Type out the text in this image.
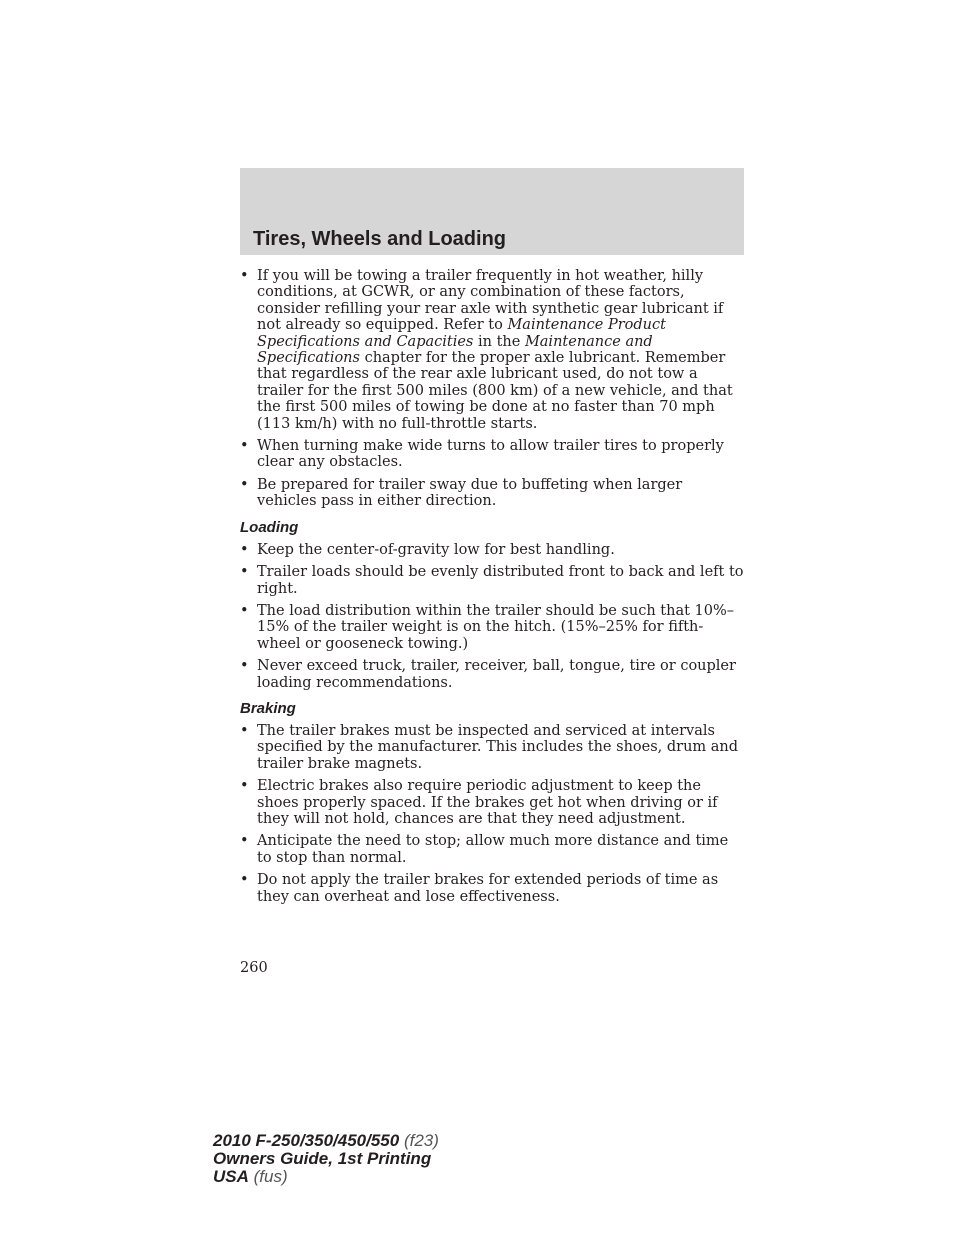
Tires, Wheels and Loading
• If you will be towing a trailer frequently in hot weather, hilly conditions, at GCWR, or any combination of these factors, consider refilling your rear axle with synthetic gear lubricant if not already so equipped. Refer to Maintenance Product Specifications and Capacities in the Maintenance and Specifications chapter for the proper axle lubricant. Remember that regardless of the rear axle lubricant used, do not tow a trailer for the first 500 miles (800 km) of a new vehicle, and that the first 500 miles of towing be done at no faster than 70 mph (113 km/h) with no full-throttle starts.
• When turning make wide turns to allow trailer tires to properly clear any obstacles.
• Be prepared for trailer sway due to buffeting when larger vehicles pass in either direction.
Loading
• Keep the center-of-gravity low for best handling.
• Trailer loads should be evenly distributed front to back and left to right.
• The load distribution within the trailer should be such that 10%–15% of the trailer weight is on the hitch. (15%–25% for fifth-wheel or gooseneck towing.)
• Never exceed truck, trailer, receiver, ball, tongue, tire or coupler loading recommendations.
Braking
• The trailer brakes must be inspected and serviced at intervals specified by the manufacturer. This includes the shoes, drum and trailer brake magnets.
• Electric brakes also require periodic adjustment to keep the shoes properly spaced. If the brakes get hot when driving or if they will not hold, chances are that they need adjustment.
• Anticipate the need to stop; allow much more distance and time to stop than normal.
• Do not apply the trailer brakes for extended periods of time as they can overheat and lose effectiveness.
260
2010 F-250/350/450/550 (f23)
Owners Guide, 1st Printing
USA (fus)
